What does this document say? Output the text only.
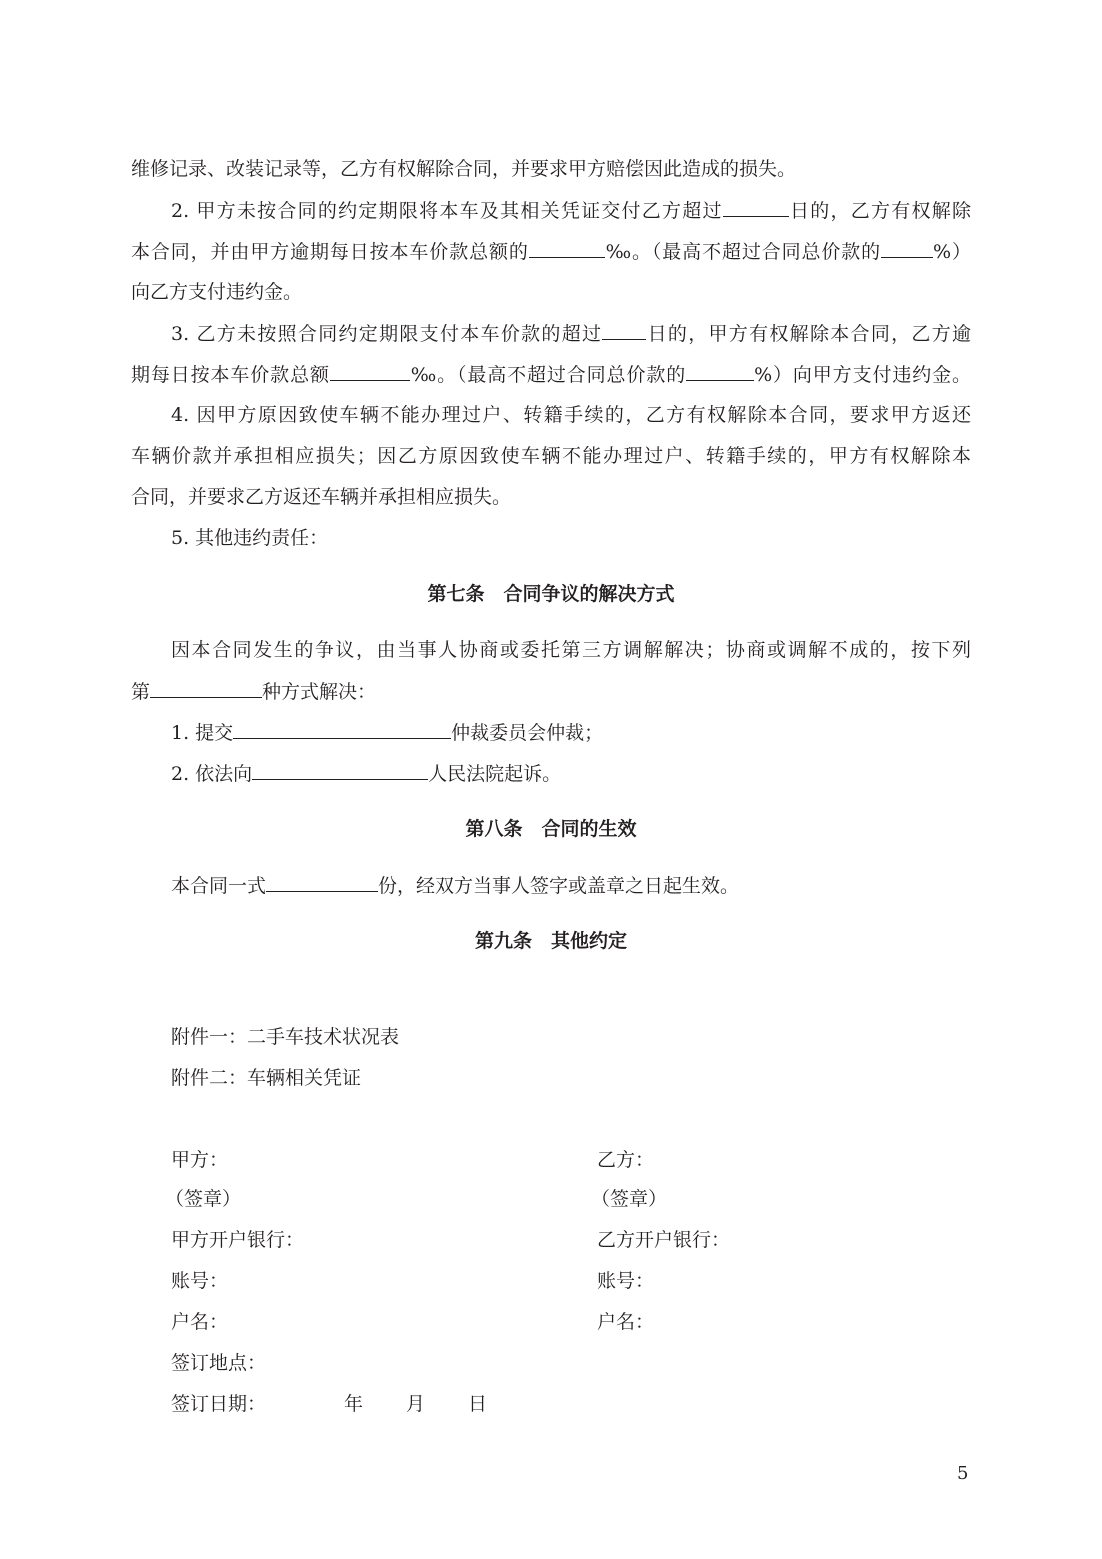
维修记录、改装记录等，乙方有权解除合同，并要求甲方赔偿因此造成的损失。
2. 甲方未按合同的约定期限将本车及其相关凭证交付乙方超过	日的，乙方有权解除
本合同，并由甲方逾期每日按本车价款总额的	‰。（最高不超过合同总价款的	%）
向乙方支付违约金。
3. 乙方未按照合同约定期限支付本车价款的超过 日的，甲方有权解除本合同，乙方逾
期每日按本车价款总额	‰。（最高不超过合同总价款的	%）向甲方支付违约金。
4. 因甲方原因致使车辆不能办理过户、转籍手续的，乙方有权解除本合同，要求甲方返还
车辆价款并承担相应损失；因乙方原因致使车辆不能办理过户、转籍手续的，甲方有权解除本
合同，并要求乙方返还车辆并承担相应损失。
5. 其他违约责任：
第七条　 合同争议的解决方式
因本合同发生的争议，由当事人协商或委托第三方调解解决；协商或调解不成的，按下列
第	种方式解决：
1. 提交	仲裁委员会仲裁；
2. 依法向	人民法院起诉。
第八条　 合同的生效
本合同一式	份，经双方当事人签字或盖章之日起生效。
第九条　 其他约定
附件一：二手车技术状况表
附件二：车辆相关凭证
甲方：	乙方：
（签章）	（签章）
甲方开户银行：	乙方开户银行：
账号：	账号：
户名：	户名：
签订地点：
签订日期：	年 月 日
5
